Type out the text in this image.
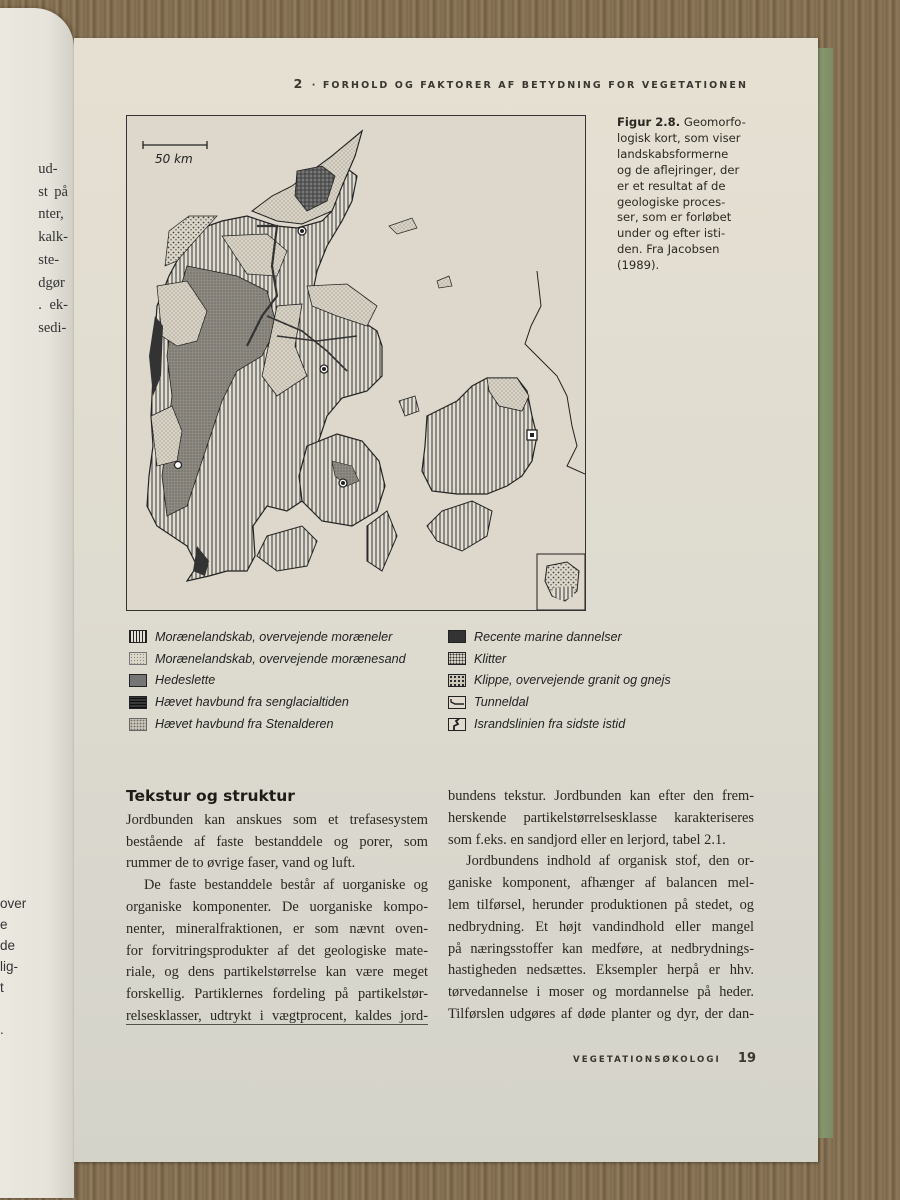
ud-
st på
nter,
kalk-
ste-
dgør
. ek-
sedi-
over
e
de
lig-
t
.
2 · FORHOLD OG FAKTORER AF BETYDNING FOR VEGETATIONEN
50 km
Figur 2.8. Geomorfo-
logisk kort, som viser
landskabsformerne
og de aflejringer, der
er et resultat af de
geologiske proces-
ser, som er forløbet
under og efter isti-
den. Fra Jacobsen
(1989).
Morænelandskab, overvejende moræneler
Morænelandskab, overvejende morænesand
Hedeslette
Hævet havbund fra senglacialtiden
Hævet havbund fra Stenalderen
Recente marine dannelser
Klitter
Klippe, overvejende granit og gnejs
Tunneldal
Israndslinien fra sidste istid
Tekstur og struktur
Jordbunden kan anskues som et trefasesystem
bestående af faste bestanddele og porer, som
rummer de to øvrige faser, vand og luft.
De faste bestanddele består af uorganiske og
organiske komponenter. De uorganiske kompo-
nenter, mineralfraktionen, er som nævnt oven-
for forvitringsprodukter af det geologiske mate-
riale, og dens partikelstørrelse kan være meget
forskellig. Partiklernes fordeling på partikelstør-
relsesklasser, udtrykt i vægtprocent, kaldes jord-
bundens tekstur. Jordbunden kan efter den frem-
herskende partikelstørrelsesklasse karakteriseres
som f.eks. en sandjord eller en lerjord, tabel 2.1.
Jordbundens indhold af organisk stof, den or-
ganiske komponent, afhænger af balancen mel-
lem tilførsel, herunder produktionen på stedet, og
nedbrydning. Et højt vandindhold eller mangel
på næringsstoffer kan medføre, at nedbrydnings-
hastigheden nedsættes. Eksempler herpå er hhv.
tørvedannelse i moser og mordannelse på heder.
Tilførslen udgøres af døde planter og dyr, der dan-
VEGETATIONSØKOLOGI 19
